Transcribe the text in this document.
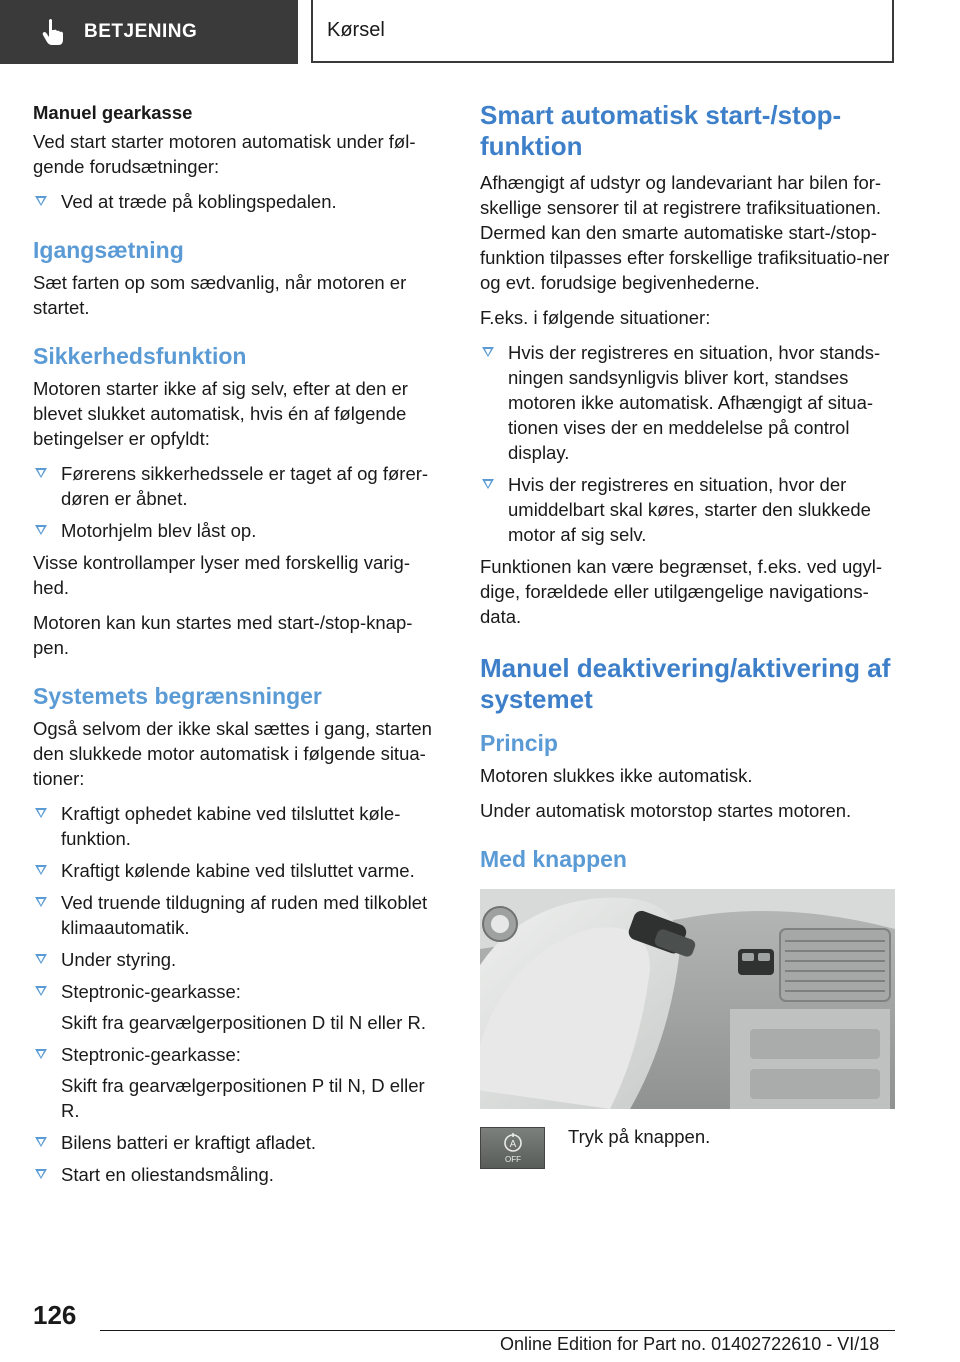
BETJENING	Kørsel
Manuel gearkasse

Ved start starter motoren automatisk under føl-gende forudsætninger:

Ved at træde på koblingspedalen.
Igangsætning

Sæt farten op som sædvanlig, når motoren er startet.

Sikkerhedsfunktion

Motoren starter ikke af sig selv, efter at den er blevet slukket automatisk, hvis én af følgende betingelser er opfyldt:

Førerens sikkerhedssele er taget af og fører-døren er åbnet.
Motorhjelm blev låst op.

Visse kontrollamper lyser med forskellig varig-hed.

Motoren kan kun startes med start-/stop-knap-pen.

Systemets begrænsninger

Også selvom der ikke skal sættes i gang, starten den slukkede motor automatisk i følgende situa-tioner:

Kraftigt ophedet kabine ved tilsluttet køle-funktion.
Kraftigt kølende kabine ved tilsluttet varme.
Ved truende tildugning af ruden med tilkoblet klimaautomatik.
Under styring.
Steptronic-gearkasse:
Skift fra gearvælgerpositionen D til N eller R.
Steptronic-gearkasse:
Skift fra gearvælgerpositionen P til N, D eller R.
Bilens batteri er kraftigt afladet.
Start en oliestandsmåling.
Smart automatisk start-/stop-funktion

Afhængigt af udstyr og landevariant har bilen for-skellige sensorer til at registrere trafiksituationen. Dermed kan den smarte automatiske start-/stop-funktion tilpasses efter forskellige trafiksituatio-ner og evt. forudsige begivenhederne.

F.eks. i følgende situationer:

Hvis der registreres en situation, hvor stands-ningen sandsynligvis bliver kort, standses motoren ikke automatisk. Afhængigt af situa-tionen vises der en meddelelse på control display.
Hvis der registreres en situation, hvor der umiddelbart skal køres, starter den slukkede motor af sig selv.

Funktionen kan være begrænset, f.eks. ved ugyl-dige, forældede eller utilgængelige navigations-data.

Manuel deaktivering/aktivering af systemet
Princip

Motoren slukkes ikke automatisk.

Under automatisk motorstop startes motoren.

Med knappen
A
OFF
Tryk på knappen.
126
Online Edition for Part no. 01402722610 - VI/18
